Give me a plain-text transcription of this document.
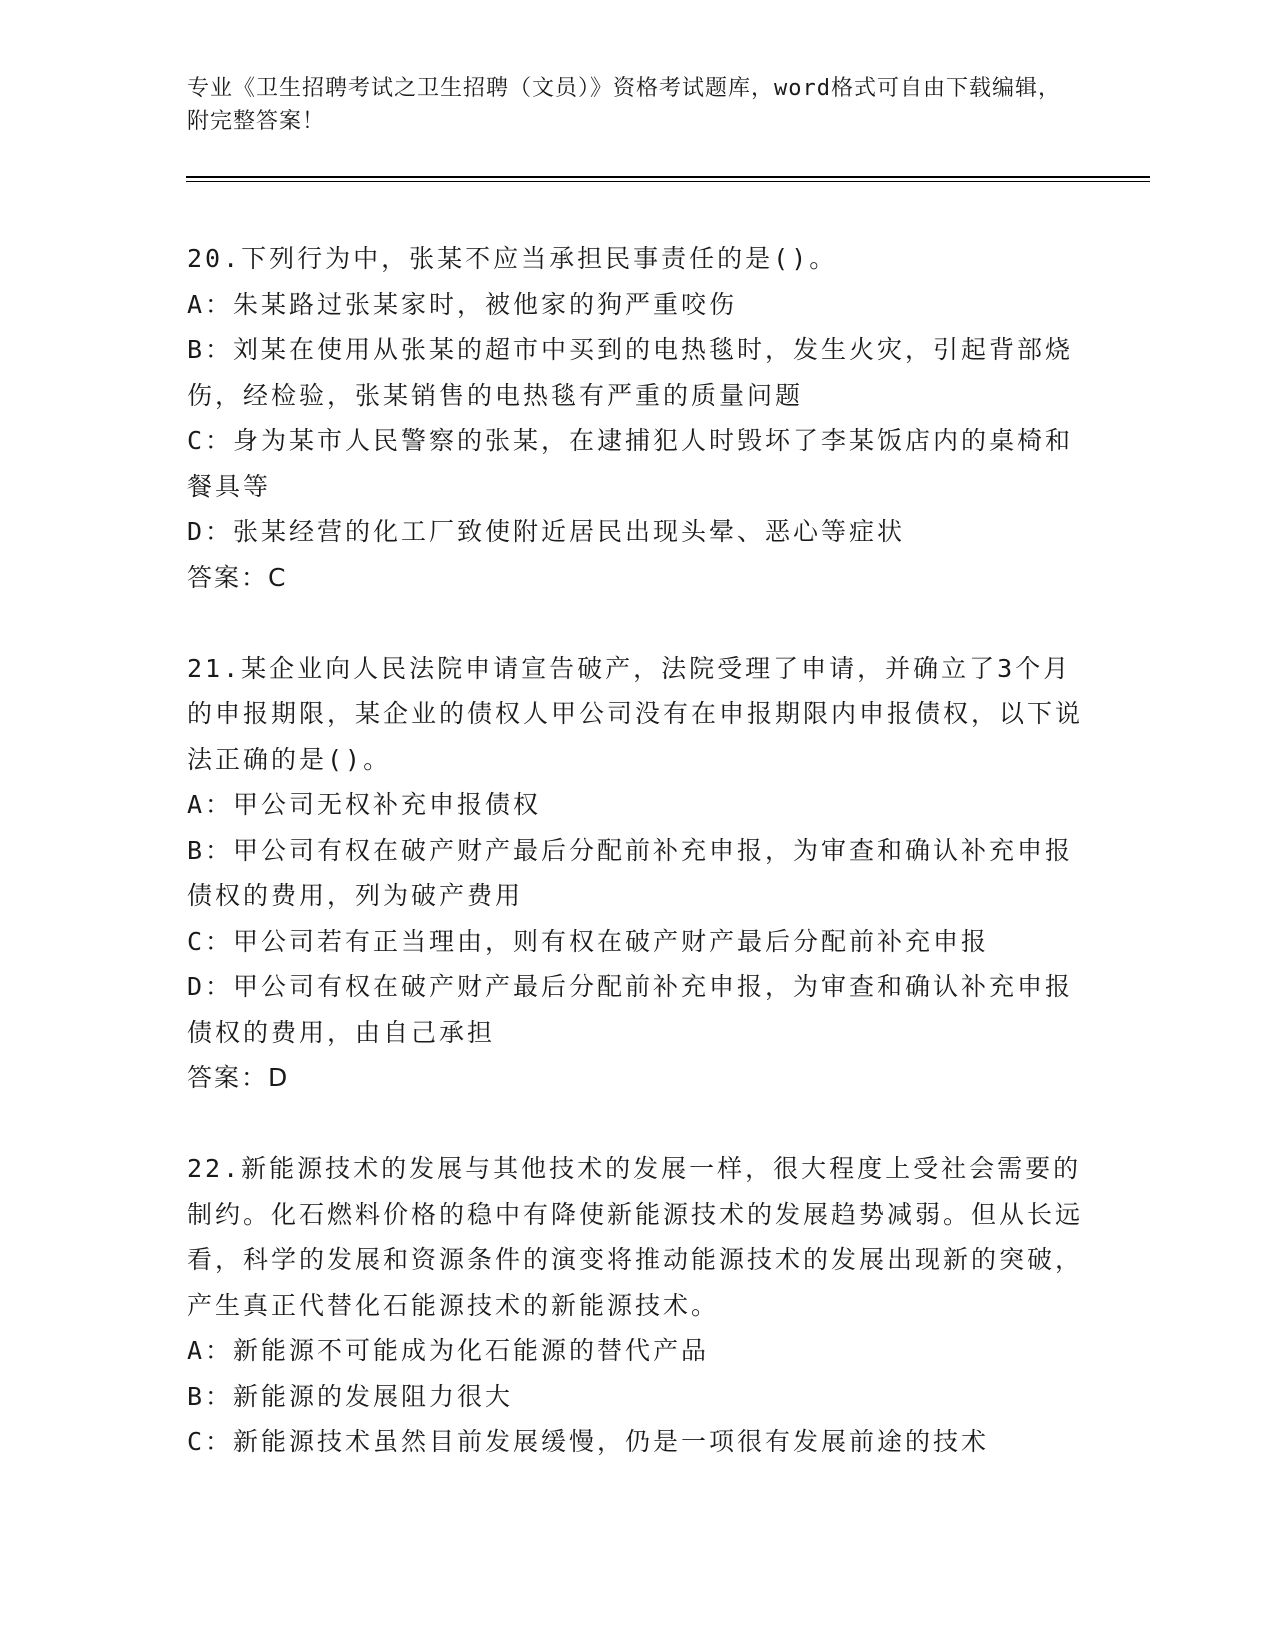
专业《卫生招聘考试之卫生招聘（文员）》资格考试题库，word格式可自由下载编辑，附完整答案！

20.下列行为中，张某不应当承担民事责任的是()。

A：朱某路过张某家时，被他家的狗严重咬伤

B：刘某在使用从张某的超市中买到的电热毯时，发生火灾，引起背部烧伤，经检验，张某销售的电热毯有严重的质量问题

C：身为某市人民警察的张某，在逮捕犯人时毁坏了李某饭店内的桌椅和餐具等

D：张某经营的化工厂致使附近居民出现头晕、恶心等症状

答案：C

21.某企业向人民法院申请宣告破产，法院受理了申请，并确立了3个月的申报期限，某企业的债权人甲公司没有在申报期限内申报债权，以下说法正确的是()。

A：甲公司无权补充申报债权

B：甲公司有权在破产财产最后分配前补充申报，为审查和确认补充申报债权的费用，列为破产费用

C：甲公司若有正当理由，则有权在破产财产最后分配前补充申报

D：甲公司有权在破产财产最后分配前补充申报，为审查和确认补充申报债权的费用，由自己承担

答案：D

22.新能源技术的发展与其他技术的发展一样，很大程度上受社会需要的制约。化石燃料价格的稳中有降使新能源技术的发展趋势减弱。但从长远看，科学的发展和资源条件的演变将推动能源技术的发展出现新的突破，产生真正代替化石能源技术的新能源技术。

A：新能源不可能成为化石能源的替代产品

B：新能源的发展阻力很大

C：新能源技术虽然目前发展缓慢，仍是一项很有发展前途的技术
